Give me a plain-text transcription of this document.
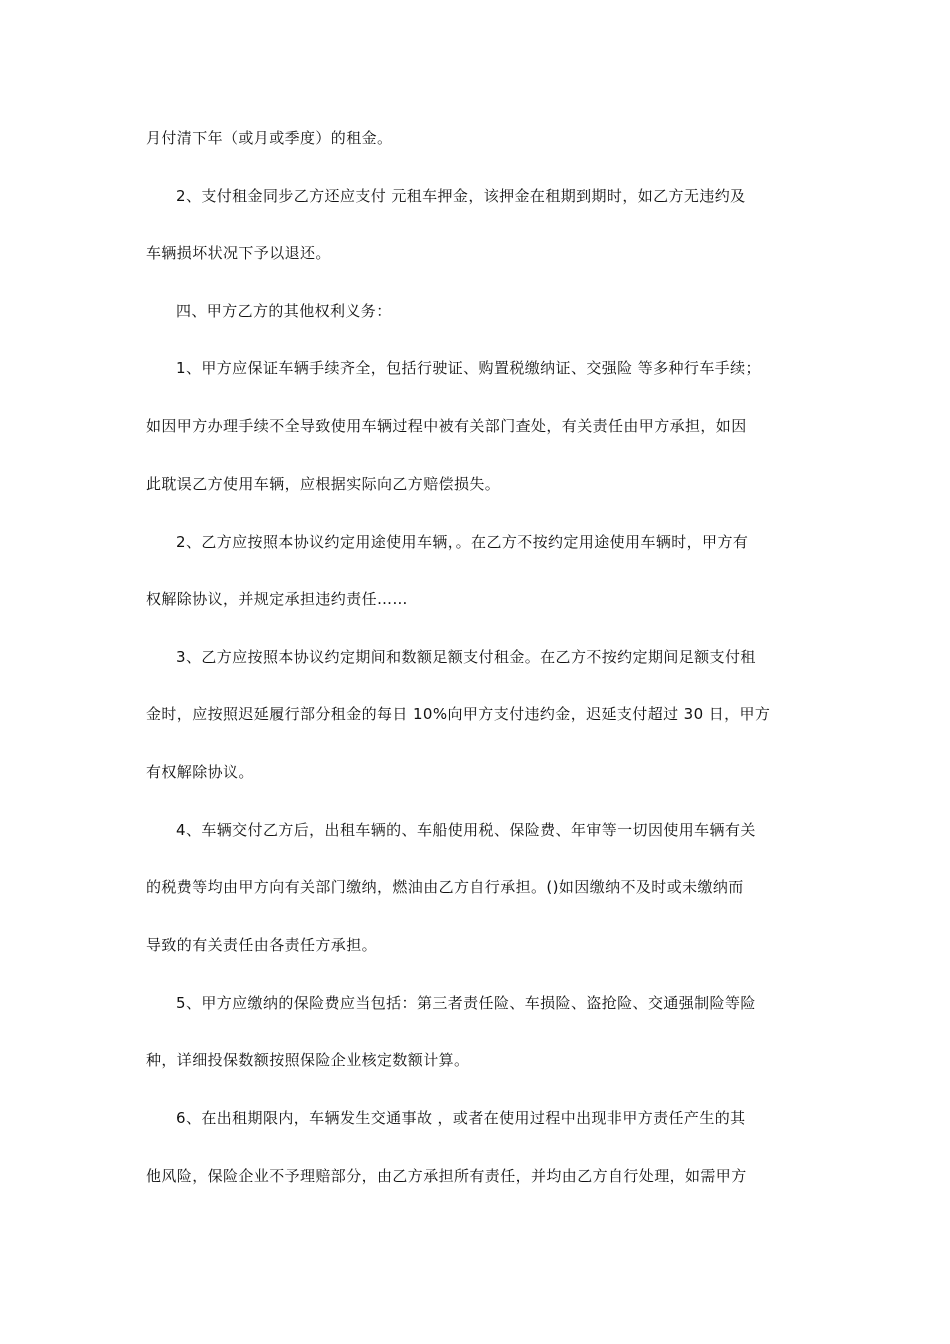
月付清下年（或月或季度）的租金。
2、支付租金同步乙方还应支付 元租车押金，该押金在租期到期时，如乙方无违约及
车辆损坏状况下予以退还。
四、甲方乙方的其他权利义务：
1、甲方应保证车辆手续齐全，包括行驶证、购置税缴纳证、交强险 等多种行车手续；
如因甲方办理手续不全导致使用车辆过程中被有关部门查处，有关责任由甲方承担，如因
此耽误乙方使用车辆，应根据实际向乙方赔偿损失。
2、乙方应按照本协议约定用途使用车辆，。在乙方不按约定用途使用车辆时，甲方有
权解除协议，并规定承担违约责任……
3、乙方应按照本协议约定期间和数额足额支付租金。在乙方不按约定期间足额支付租
金时，应按照迟延履行部分租金的每日 10%向甲方支付违约金，迟延支付超过 30 日，甲方
有权解除协议。
4、车辆交付乙方后，出租车辆的、车船使用税、保险费、年审等一切因使用车辆有关
的税费等均由甲方向有关部门缴纳，燃油由乙方自行承担。()如因缴纳不及时或未缴纳而
导致的有关责任由各责任方承担。
5、甲方应缴纳的保险费应当包括：第三者责任险、车损险、盗抢险、交通强制险等险
种，详细投保数额按照保险企业核定数额计算。
6、在出租期限内，车辆发生交通事故 ，或者在使用过程中出现非甲方责任产生的其
他风险，保险企业不予理赔部分，由乙方承担所有责任，并均由乙方自行处理，如需甲方
